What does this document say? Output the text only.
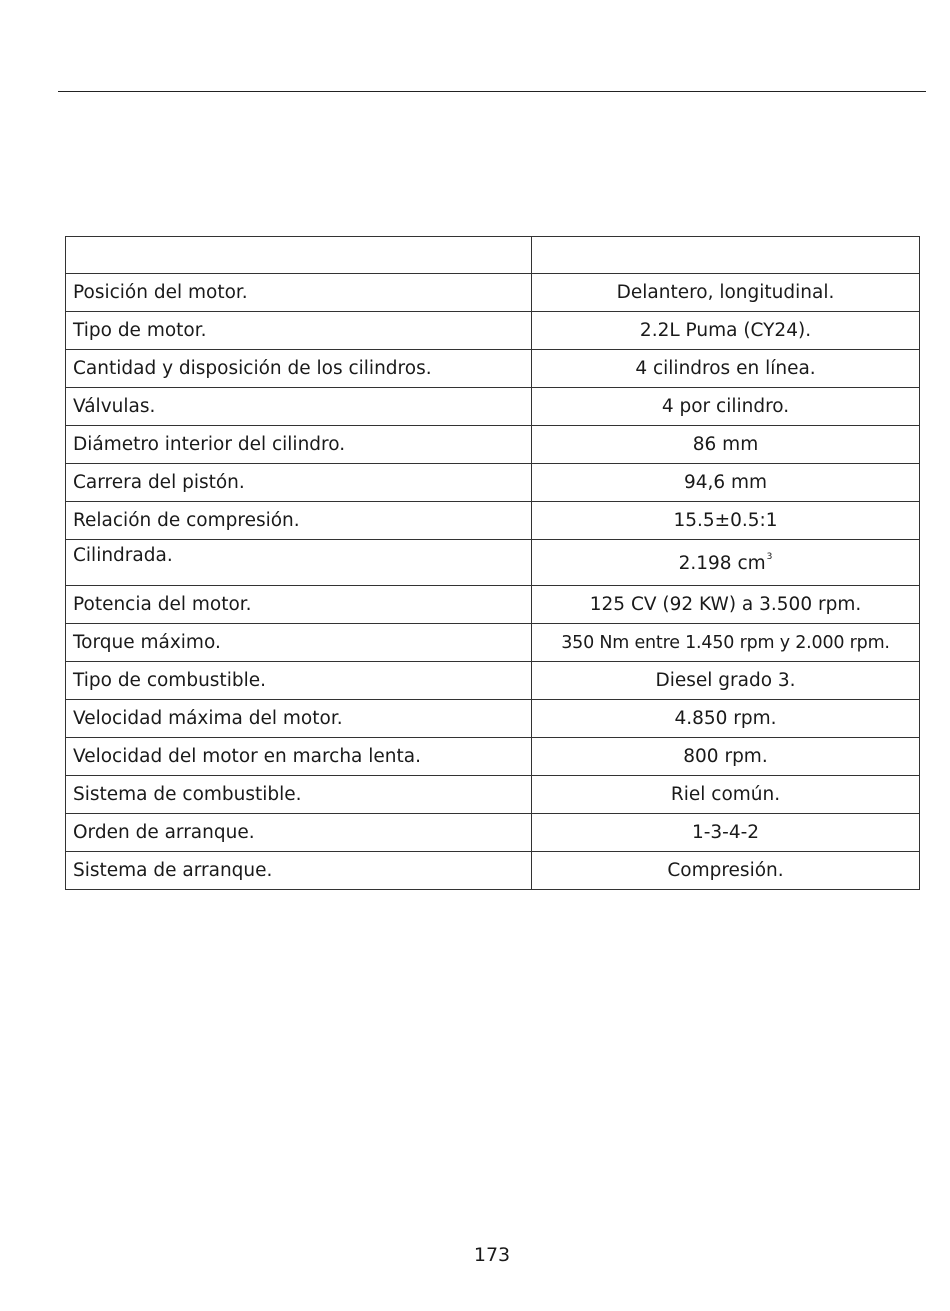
Posición del motor.	Delantero, longitudinal.
Tipo de motor.	2.2L Puma (CY24).
Cantidad y disposición de los cilindros.	4 cilindros en línea.
Válvulas.	4 por cilindro.
Diámetro interior del cilindro.	86 mm
Carrera del pistón.	94,6 mm
Relación de compresión.	15.5±0.5:1
Cilindrada.	2.198 $cm^3$
Potencia del motor.	125 CV (92 KW) a 3.500 rpm.
Torque máximo.	350 Nm entre 1.450 rpm y 2.000 rpm.
Tipo de combustible.	Diesel grado 3.
Velocidad máxima del motor.	4.850 rpm.
Velocidad del motor en marcha lenta.	800 rpm.
Sistema de combustible.	Riel común.
Orden de arranque.	1-3-4-2
Sistema de arranque.	Compresión.
173
